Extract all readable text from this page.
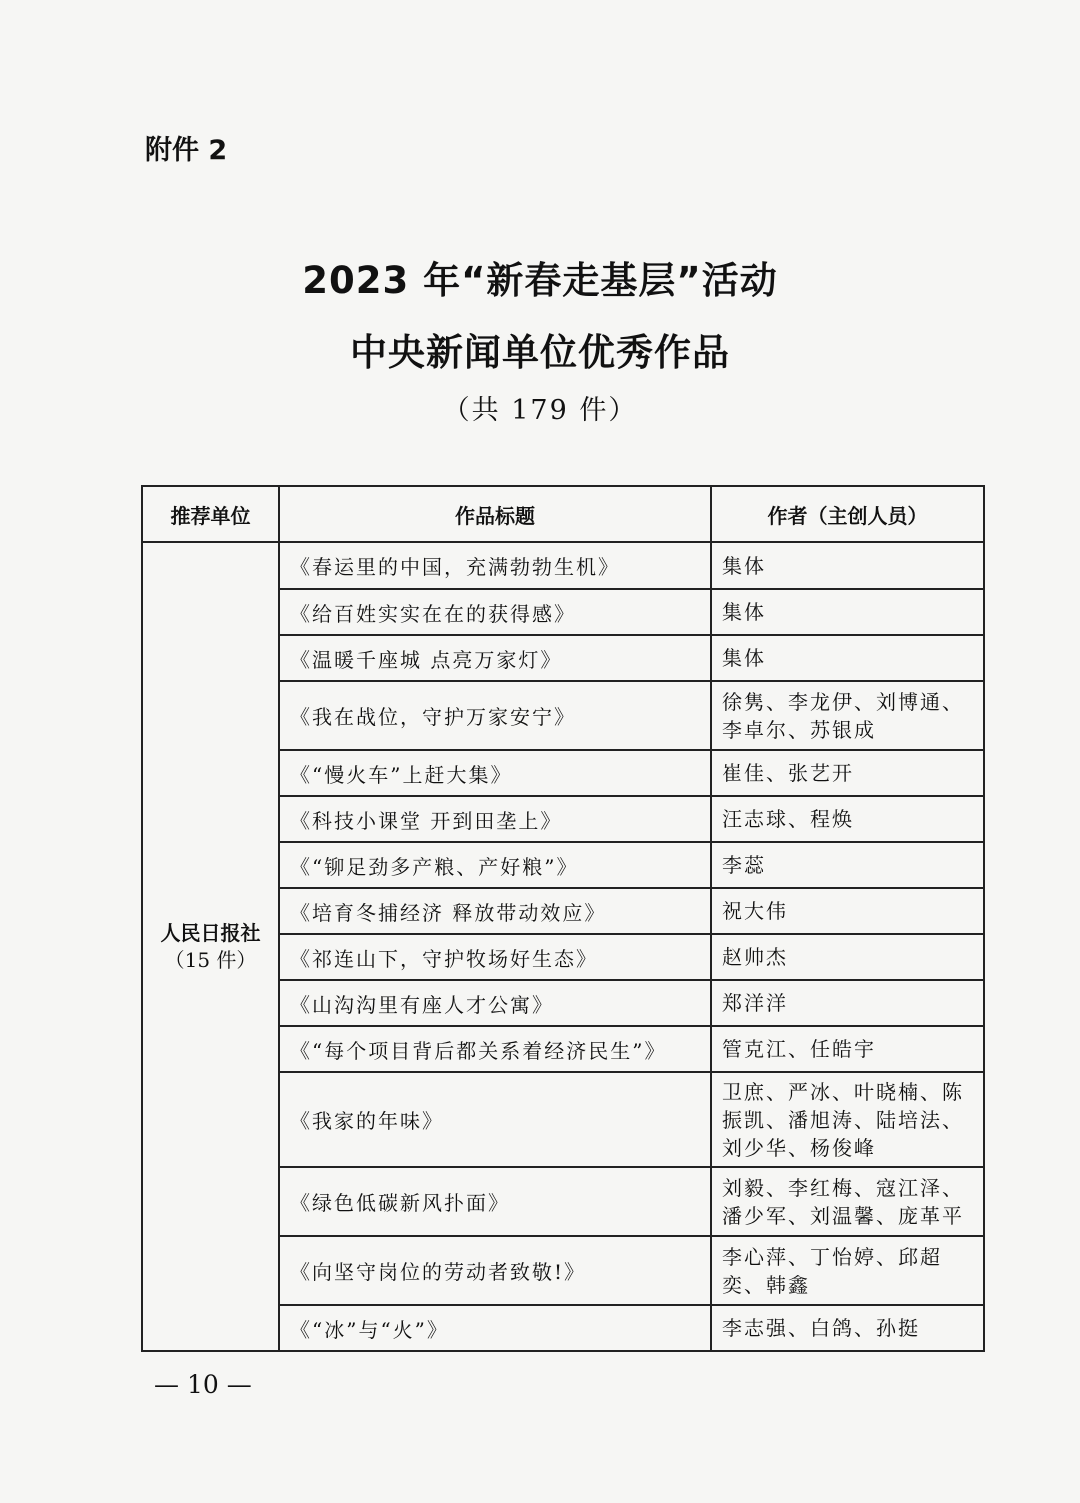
附件 2
2023 年“新春走基层”活动
中央新闻单位优秀作品
（共 179 件）
推荐单位	作品标题	作者（主创人员）

人民日报社
（15 件）	《春运里的中国，充满勃勃生机》	集体
	《给百姓实实在在的获得感》	集体
	《温暖千座城 点亮万家灯》	集体
	《我在战位，守护万家安宁》	徐隽、李龙伊、刘博通、李卓尔、苏银成
	《“慢火车”上赶大集》	崔佳、张艺开
	《科技小课堂 开到田垄上》	汪志球、程焕
	《“铆足劲多产粮、产好粮”》	李蕊
	《培育冬捕经济 释放带动效应》	祝大伟
	《祁连山下，守护牧场好生态》	赵帅杰
	《山沟沟里有座人才公寓》	郑洋洋
	《“每个项目背后都关系着经济民生”》	管克江、任皓宇
	《我家的年味》	卫庶、严冰、叶晓楠、陈振凯、潘旭涛、陆培法、刘少华、杨俊峰
	《绿色低碳新风扑面》	刘毅、李红梅、寇江泽、潘少军、刘温馨、庞革平
	《向坚守岗位的劳动者致敬!》	李心萍、丁怡婷、邱超奕、韩鑫
	《“冰”与“火”》	李志强、白鸽、孙挺
— 10 —
